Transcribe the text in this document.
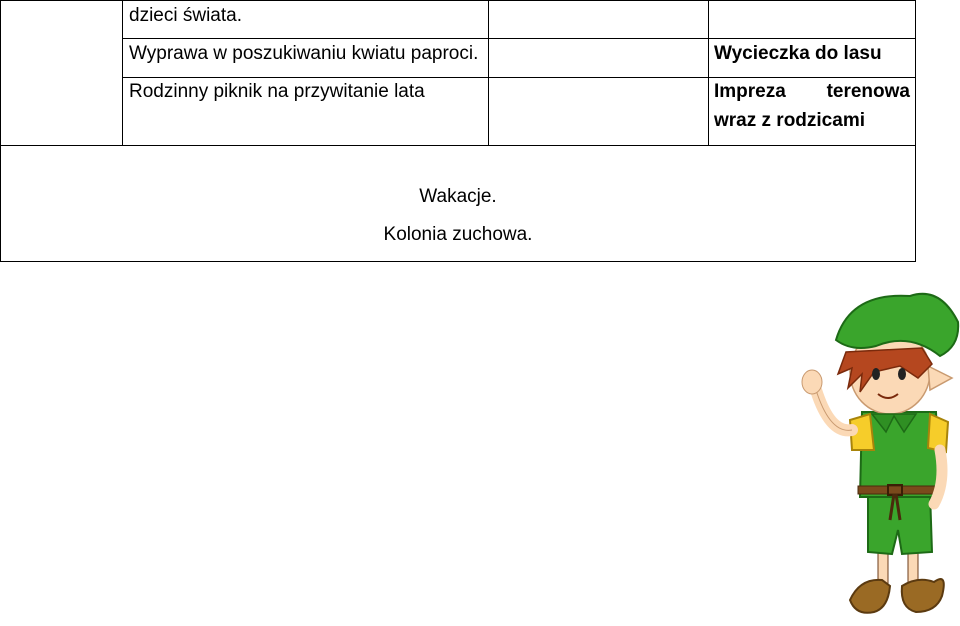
dzieci świata.
Wyprawa w poszukiwaniu kwiatu paproci.	Wycieczka do lasu
Rodzinny piknik na przywitanie lata	Impreza terenowa
wraz z rodzicami
Wakacje.
Kolonia zuchowa.
